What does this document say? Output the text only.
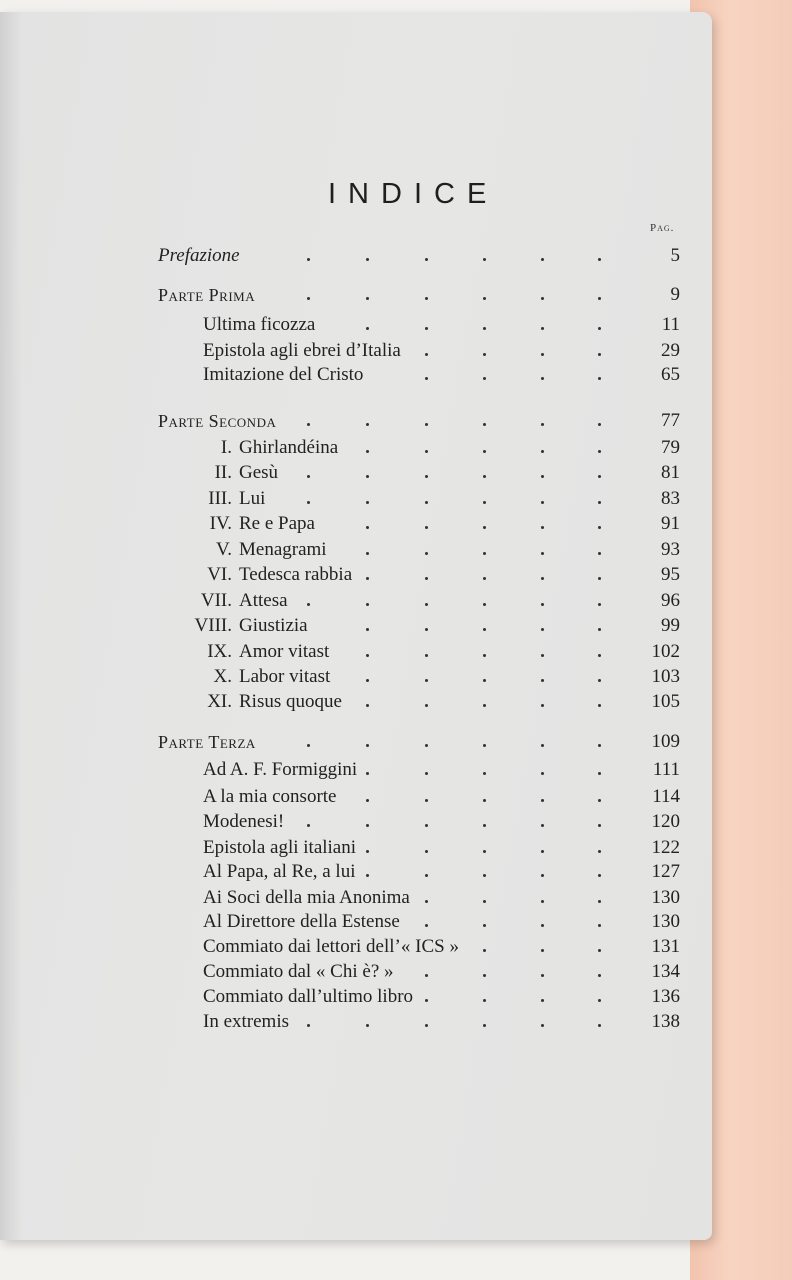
INDICE
Pag.
Prefazione	5
Parte Prima	9
Ultima ficozza	11
Epistola agli ebrei d’Italia	29
Imitazione del Cristo	65
Parte Seconda	77
I. Ghirlandéina	79
II. Gesù	81
III. Lui	83
IV. Re e Papa	91
V. Menagrami	93
VI. Tedesca rabbia	95
VII. Attesa	96
VIII. Giustizia	99
IX. Amor vitast	102
X. Labor vitast	103
XI. Risus quoque	105
Parte Terza	109
Ad A. F. Formiggini	111
A la mia consorte	114
Modenesi!	120
Epistola agli italiani	122
Al Papa, al Re, a lui	127
Ai Soci della mia Anonima	130
Al Direttore della Estense	130
Commiato dai lettori dell’« ICS »	131
Commiato dal « Chi è? »	134
Commiato dall’ultimo libro	136
In extremis	138
